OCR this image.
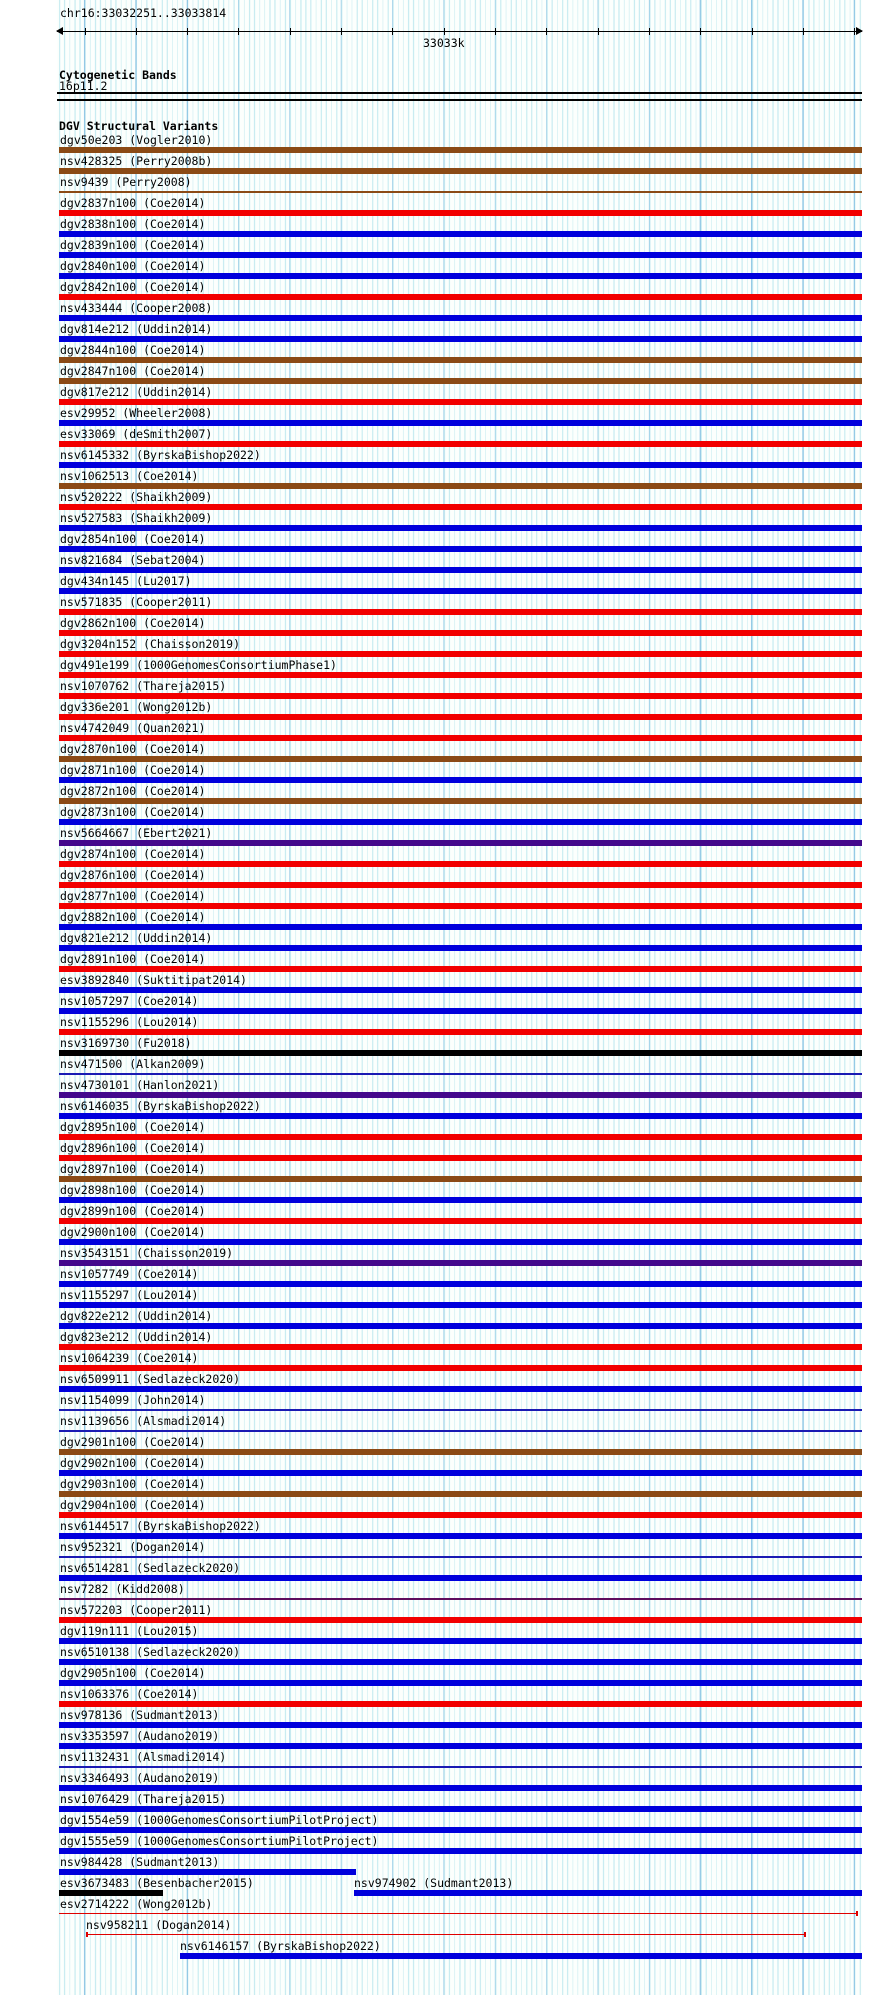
chr16:33032251..33033814
33033k
Cytogenetic Bands
16p11.2
DGV Structural Variants
dgv50e203 (Vogler2010)
nsv428325 (Perry2008b)
nsv9439 (Perry2008)
dgv2837n100 (Coe2014)
dgv2838n100 (Coe2014)
dgv2839n100 (Coe2014)
dgv2840n100 (Coe2014)
dgv2842n100 (Coe2014)
nsv433444 (Cooper2008)
dgv814e212 (Uddin2014)
dgv2844n100 (Coe2014)
dgv2847n100 (Coe2014)
dgv817e212 (Uddin2014)
esv29952 (Wheeler2008)
esv33069 (deSmith2007)
nsv6145332 (ByrskaBishop2022)
nsv1062513 (Coe2014)
nsv520222 (Shaikh2009)
nsv527583 (Shaikh2009)
dgv2854n100 (Coe2014)
nsv821684 (Sebat2004)
dgv434n145 (Lu2017)
nsv571835 (Cooper2011)
dgv2862n100 (Coe2014)
dgv3204n152 (Chaisson2019)
dgv491e199 (1000GenomesConsortiumPhase1)
nsv1070762 (Thareja2015)
dgv336e201 (Wong2012b)
nsv4742049 (Quan2021)
dgv2870n100 (Coe2014)
dgv2871n100 (Coe2014)
dgv2872n100 (Coe2014)
dgv2873n100 (Coe2014)
nsv5664667 (Ebert2021)
dgv2874n100 (Coe2014)
dgv2876n100 (Coe2014)
dgv2877n100 (Coe2014)
dgv2882n100 (Coe2014)
dgv821e212 (Uddin2014)
dgv2891n100 (Coe2014)
esv3892840 (Suktitipat2014)
nsv1057297 (Coe2014)
nsv1155296 (Lou2014)
nsv3169730 (Fu2018)
nsv471500 (Alkan2009)
nsv4730101 (Hanlon2021)
nsv6146035 (ByrskaBishop2022)
dgv2895n100 (Coe2014)
dgv2896n100 (Coe2014)
dgv2897n100 (Coe2014)
dgv2898n100 (Coe2014)
dgv2899n100 (Coe2014)
dgv2900n100 (Coe2014)
nsv3543151 (Chaisson2019)
nsv1057749 (Coe2014)
nsv1155297 (Lou2014)
dgv822e212 (Uddin2014)
dgv823e212 (Uddin2014)
nsv1064239 (Coe2014)
nsv6509911 (Sedlazeck2020)
nsv1154099 (John2014)
nsv1139656 (Alsmadi2014)
dgv2901n100 (Coe2014)
dgv2902n100 (Coe2014)
dgv2903n100 (Coe2014)
dgv2904n100 (Coe2014)
nsv6144517 (ByrskaBishop2022)
nsv952321 (Dogan2014)
nsv6514281 (Sedlazeck2020)
nsv7282 (Kidd2008)
nsv572203 (Cooper2011)
dgv119n111 (Lou2015)
nsv6510138 (Sedlazeck2020)
dgv2905n100 (Coe2014)
nsv1063376 (Coe2014)
nsv978136 (Sudmant2013)
nsv3353597 (Audano2019)
nsv1132431 (Alsmadi2014)
nsv3346493 (Audano2019)
nsv1076429 (Thareja2015)
dgv1554e59 (1000GenomesConsortiumPilotProject)
dgv1555e59 (1000GenomesConsortiumPilotProject)
nsv984428 (Sudmant2013)
esv3673483 (Besenbacher2015)	nsv974902 (Sudmant2013)
esv2714222 (Wong2012b)
nsv958211 (Dogan2014)
nsv6146157 (ByrskaBishop2022)
